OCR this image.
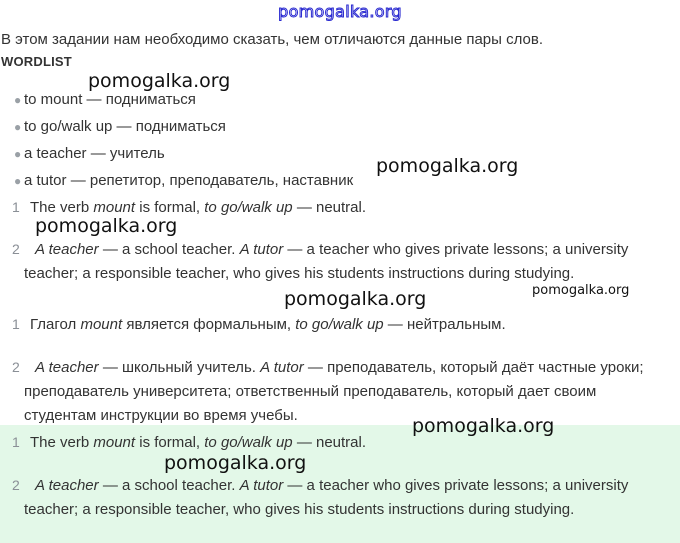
pomogalka.org
В этом задании нам необходимо сказать, чем отличаются данные пары слов.
WORDLIST
● to mount — подниматься
● to go/walk up — подниматься
● a teacher — учитель
● a tutor — репетитор, преподаватель, наставник
1 The verb mount is formal, to go/walk up — neutral.
2	A teacher — a school teacher. A tutor — a teacher who gives private lessons; a university teacher; a responsible teacher, who gives his students instructions during studying.
1 Глагол mount является формальным, to go/walk up — нейтральным.
2	A teacher — школьный учитель. A tutor — преподаватель, который даёт частные уроки; преподаватель университета; ответственный преподаватель, который дает своим студентам инструкции во время учебы.
1 The verb mount is formal, to go/walk up — neutral.
2	A teacher — a school teacher. A tutor — a teacher who gives private lessons; a university teacher; a responsible teacher, who gives his students instructions during studying.
pomogalka.org
pomogalka.org
pomogalka.org
pomogalka.org	pomogalka.org
pomogalka.org
pomogalka.org
